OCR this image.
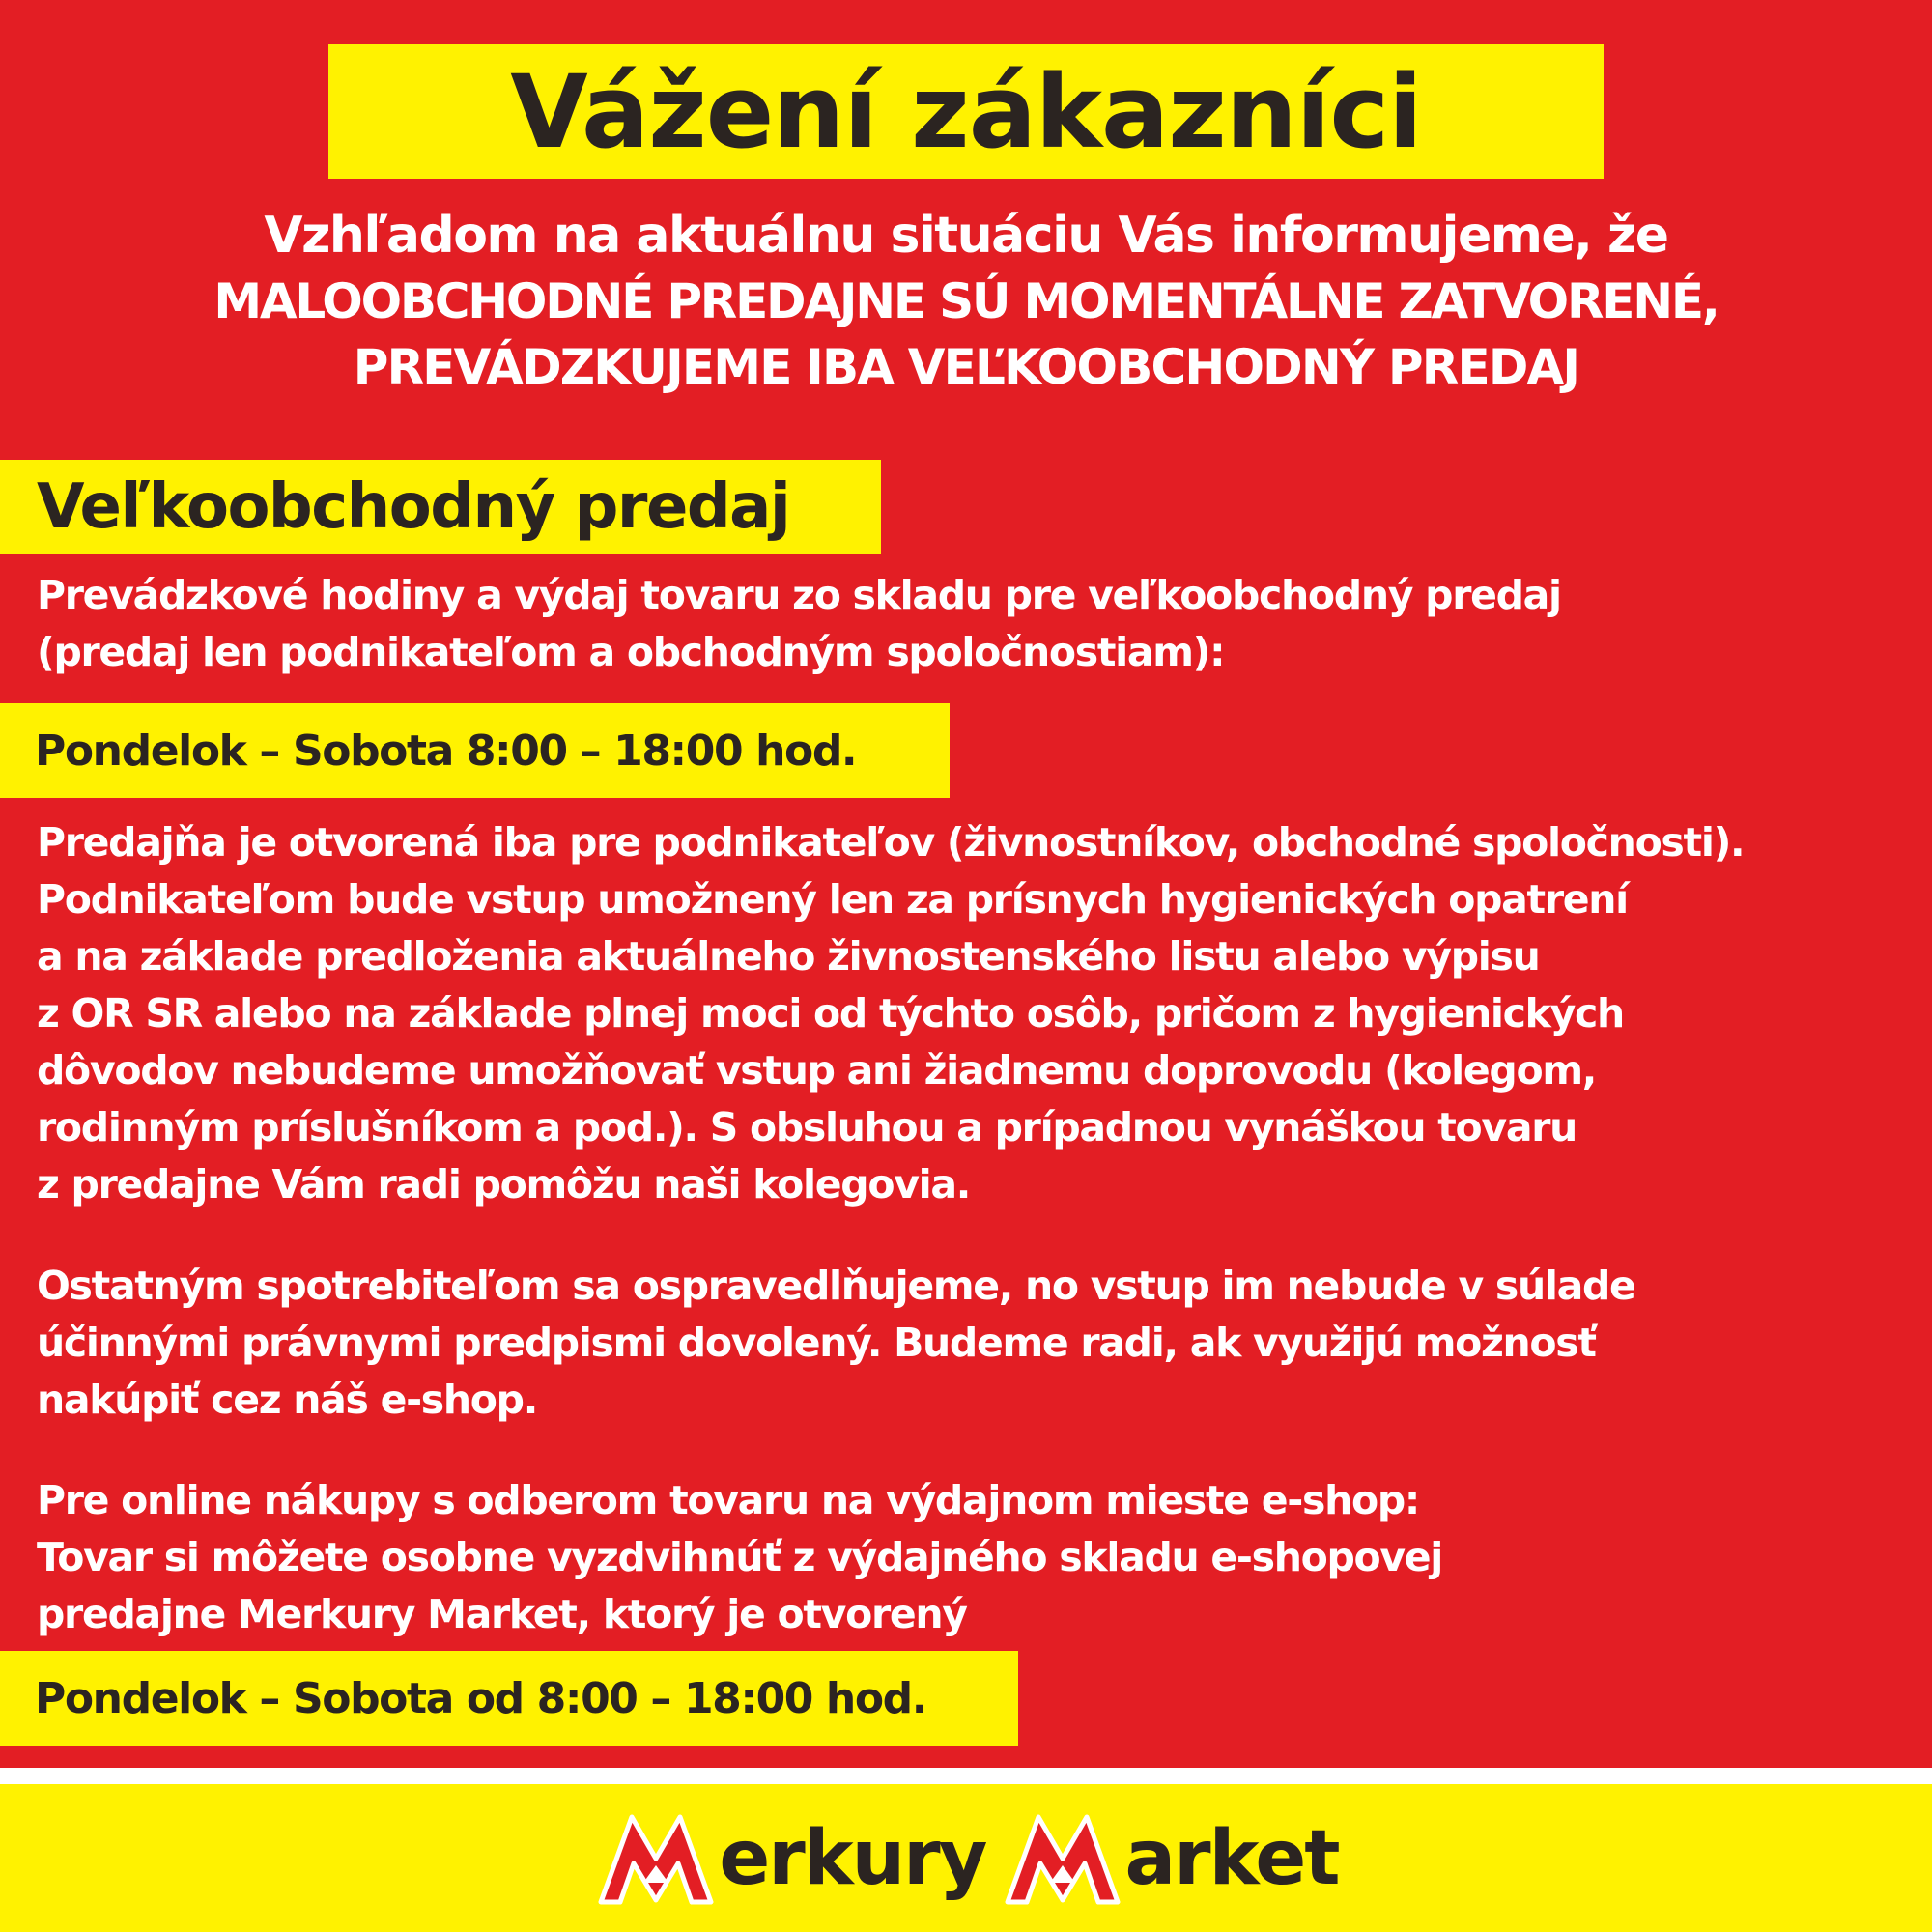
Vážení zákazníci
Vzhľadom na aktuálnu situáciu Vás informujeme, že
MALOOBCHODNÉ PREDAJNE SÚ MOMENTÁLNE ZATVORENÉ,
PREVÁDZKUJEME IBA VEĽKOOBCHODNÝ PREDAJ
Veľkoobchodný predaj
Prevádzkové hodiny a výdaj tovaru zo skladu pre veľkoobchodný predaj
(predaj len podnikateľom a obchodným spoločnostiam):
Pondelok – Sobota 8:00 – 18:00 hod.
Predajňa je otvorená iba pre podnikateľov (živnostníkov, obchodné spoločnosti).
Podnikateľom bude vstup umožnený len za prísnych hygienických opatrení
a na základe predloženia aktuálneho živnostenského listu alebo výpisu
z OR SR alebo na základe plnej moci od týchto osôb, pričom z hygienických
dôvodov nebudeme umožňovať vstup ani žiadnemu doprovodu (kolegom,
rodinným príslušníkom a pod.). S obsluhou a prípadnou vynáškou tovaru
z predajne Vám radi pomôžu naši kolegovia.
Ostatným spotrebiteľom sa ospravedlňujeme, no vstup im nebude v súlade
účinnými právnymi predpismi dovolený. Budeme radi, ak využijú možnosť
nakúpiť cez náš e-shop.
Pre online nákupy s odberom tovaru na výdajnom mieste e-shop:
Tovar si môžete osobne vyzdvihnúť z výdajného skladu e-shopovej
predajne Merkury Market, ktorý je otvorený
Pondelok – Sobota od 8:00 – 18:00 hod.
erkury arket
